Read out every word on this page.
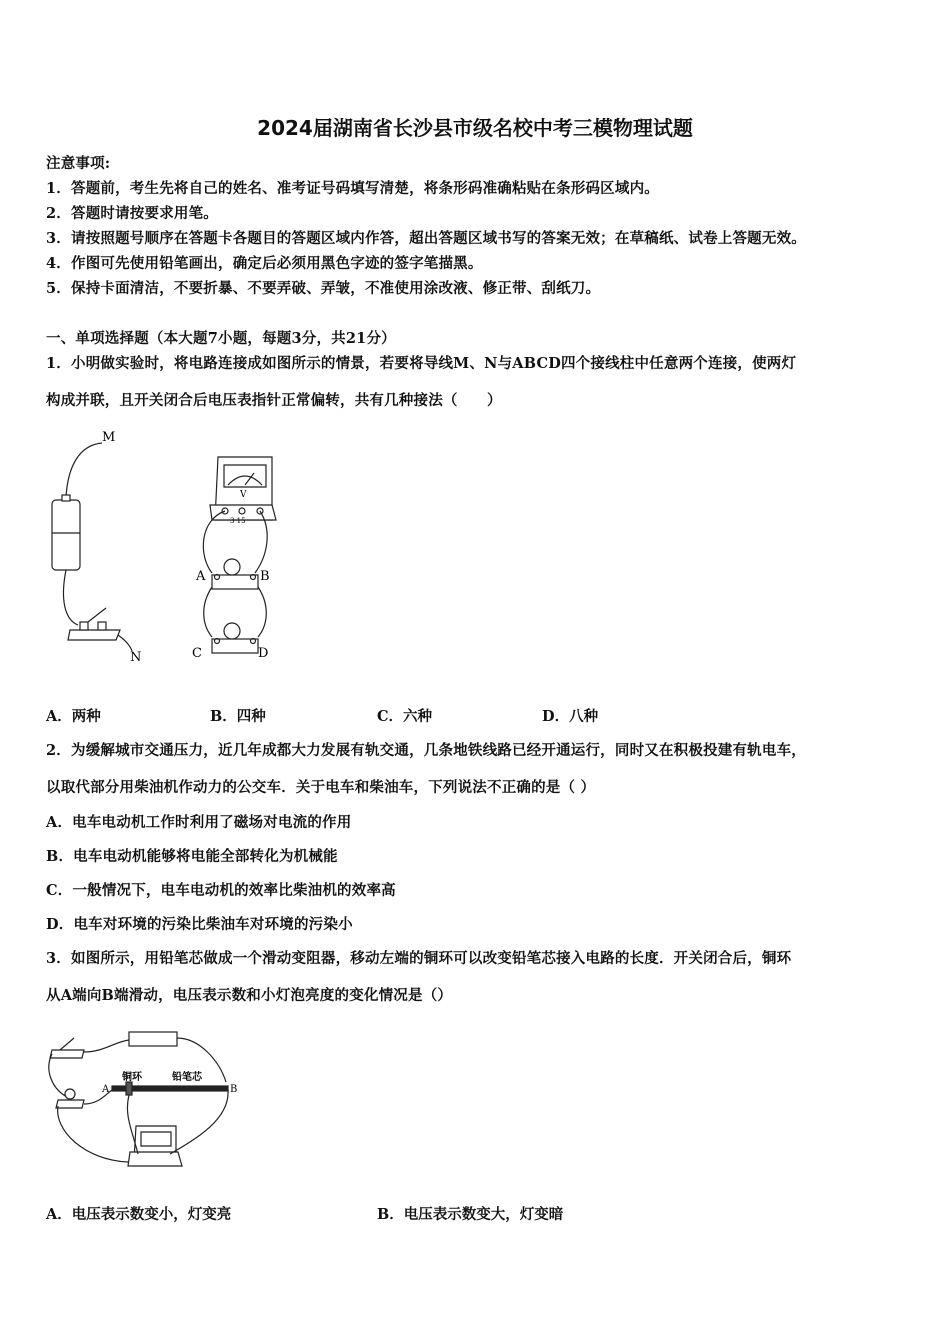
2024届湖南省长沙县市级名校中考三模物理试题
注意事项:
1．答题前，考生先将自己的姓名、准考证号码填写清楚，将条形码准确粘贴在条形码区域内。
2．答题时请按要求用笔。
3．请按照题号顺序在答题卡各题目的答题区域内作答，超出答题区域书写的答案无效；在草稿纸、试卷上答题无效。
4．作图可先使用铅笔画出，确定后必须用黑色字迹的签字笔描黑。
5．保持卡面清洁，不要折暴、不要弄破、弄皱，不准使用涂改液、修正带、刮纸刀。
一、单项选择题（本大题7小题，每题3分，共21分）
1．小明做实验时，将电路连接成如图所示的情景，若要将导线M、N与ABCD四个接线柱中任意两个连接，使两灯
构成并联，且开关闭合后电压表指针正常偏转，共有几种接法（　　）
M
N
A	B
C	D
V
3 15
A．两种	B．四种	C．六种	D．八种
2．为缓解城市交通压力，近几年成都大力发展有轨交通，几条地铁线路已经开通运行，同时又在积极投建有轨电车，
以取代部分用柴油机作动力的公交车．关于电车和柴油车，下列说法不正确的是（ ）
A．电车电动机工作时利用了磁场对电流的作用
B．电车电动机能够将电能全部转化为机械能
C．一般情况下，电车电动机的效率比柴油机的效率高
D．电车对环境的污染比柴油车对环境的污染小
3．如图所示，用铅笔芯做成一个滑动变阻器，移动左端的铜环可以改变铅笔芯接入电路的长度．开关闭合后，铜环
从A端向B端滑动，电压表示数和小灯泡亮度的变化情况是（）
A	B
铜环	铅笔芯
A．电压表示数变小，灯变亮	B．电压表示数变大，灯变暗
